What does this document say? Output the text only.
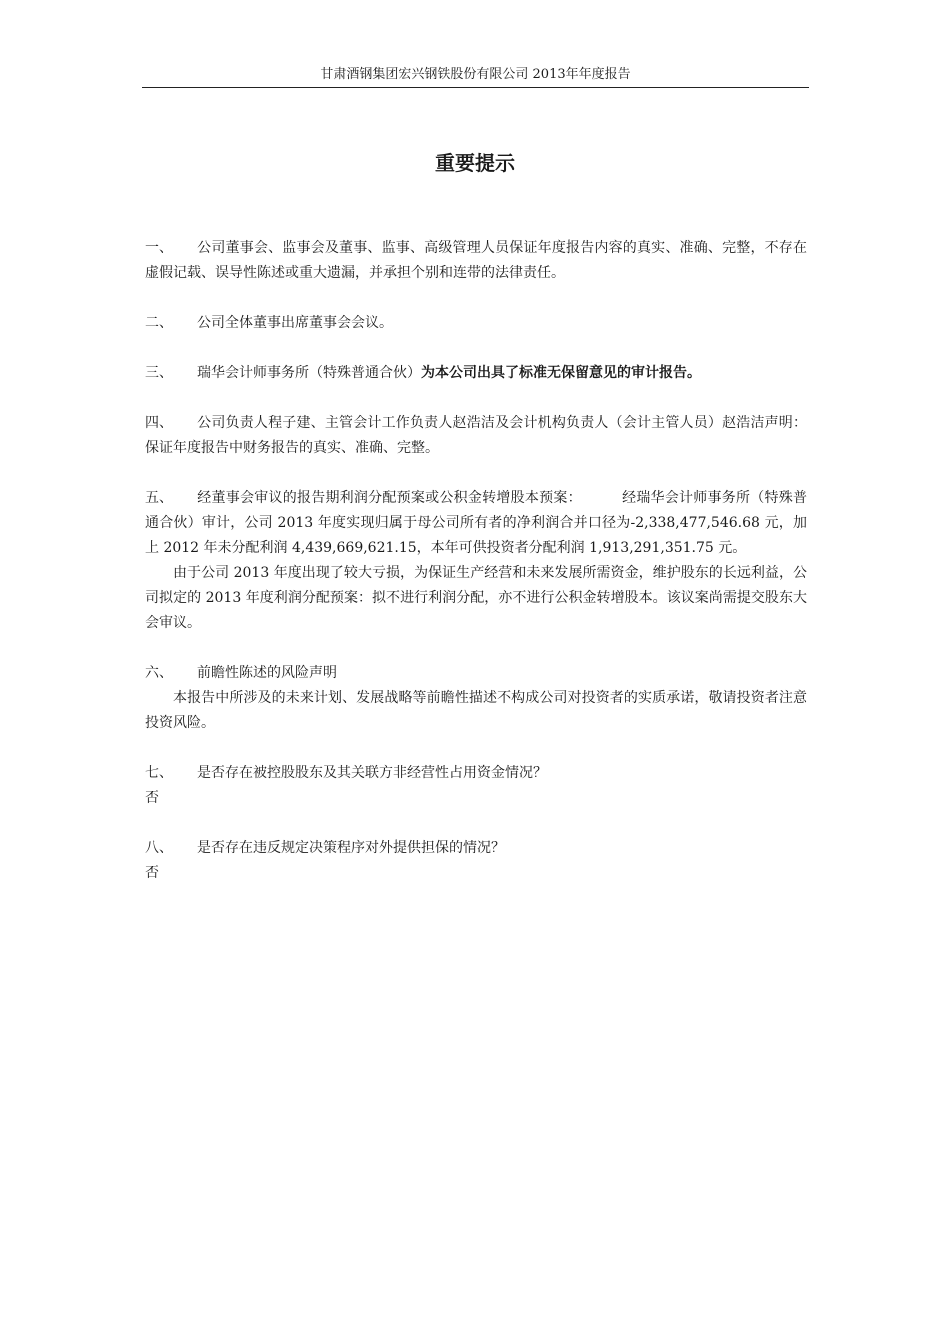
甘肃酒钢集团宏兴钢铁股份有限公司 2013年年度报告
重要提示

一、 公司董事会、监事会及董事、监事、高级管理人员保证年度报告内容的真实、准确、完整，不存在虚假记载、误导性陈述或重大遗漏，并承担个别和连带的法律责任。

二、 公司全体董事出席董事会会议。

三、 瑞华会计师事务所（特殊普通合伙）为本公司出具了标准无保留意见的审计报告。

四、 公司负责人程子建、主管会计工作负责人赵浩洁及会计机构负责人（会计主管人员）赵浩洁声明：保证年度报告中财务报告的真实、准确、完整。

五、 经董事会审议的报告期利润分配预案或公积金转增股本预案：	经瑞华会计师事务所（特殊普通合伙）审计，公司 2013 年度实现归属于母公司所有者的净利润合并口径为-2,338,477,546.68 元，加上 2012 年未分配利润 4,439,669,621.15，本年可供投资者分配利润 1,913,291,351.75 元。

由于公司 2013 年度出现了较大亏损，为保证生产经营和未来发展所需资金，维护股东的长远利益，公司拟定的 2013 年度利润分配预案：拟不进行利润分配，亦不进行公积金转增股本。该议案尚需提交股东大会审议。

六、 前瞻性陈述的风险声明

本报告中所涉及的未来计划、发展战略等前瞻性描述不构成公司对投资者的实质承诺，敬请投资者注意投资风险。

七、 是否存在被控股股东及其关联方非经营性占用资金情况？

否

八、 是否存在违反规定决策程序对外提供担保的情况？

否
